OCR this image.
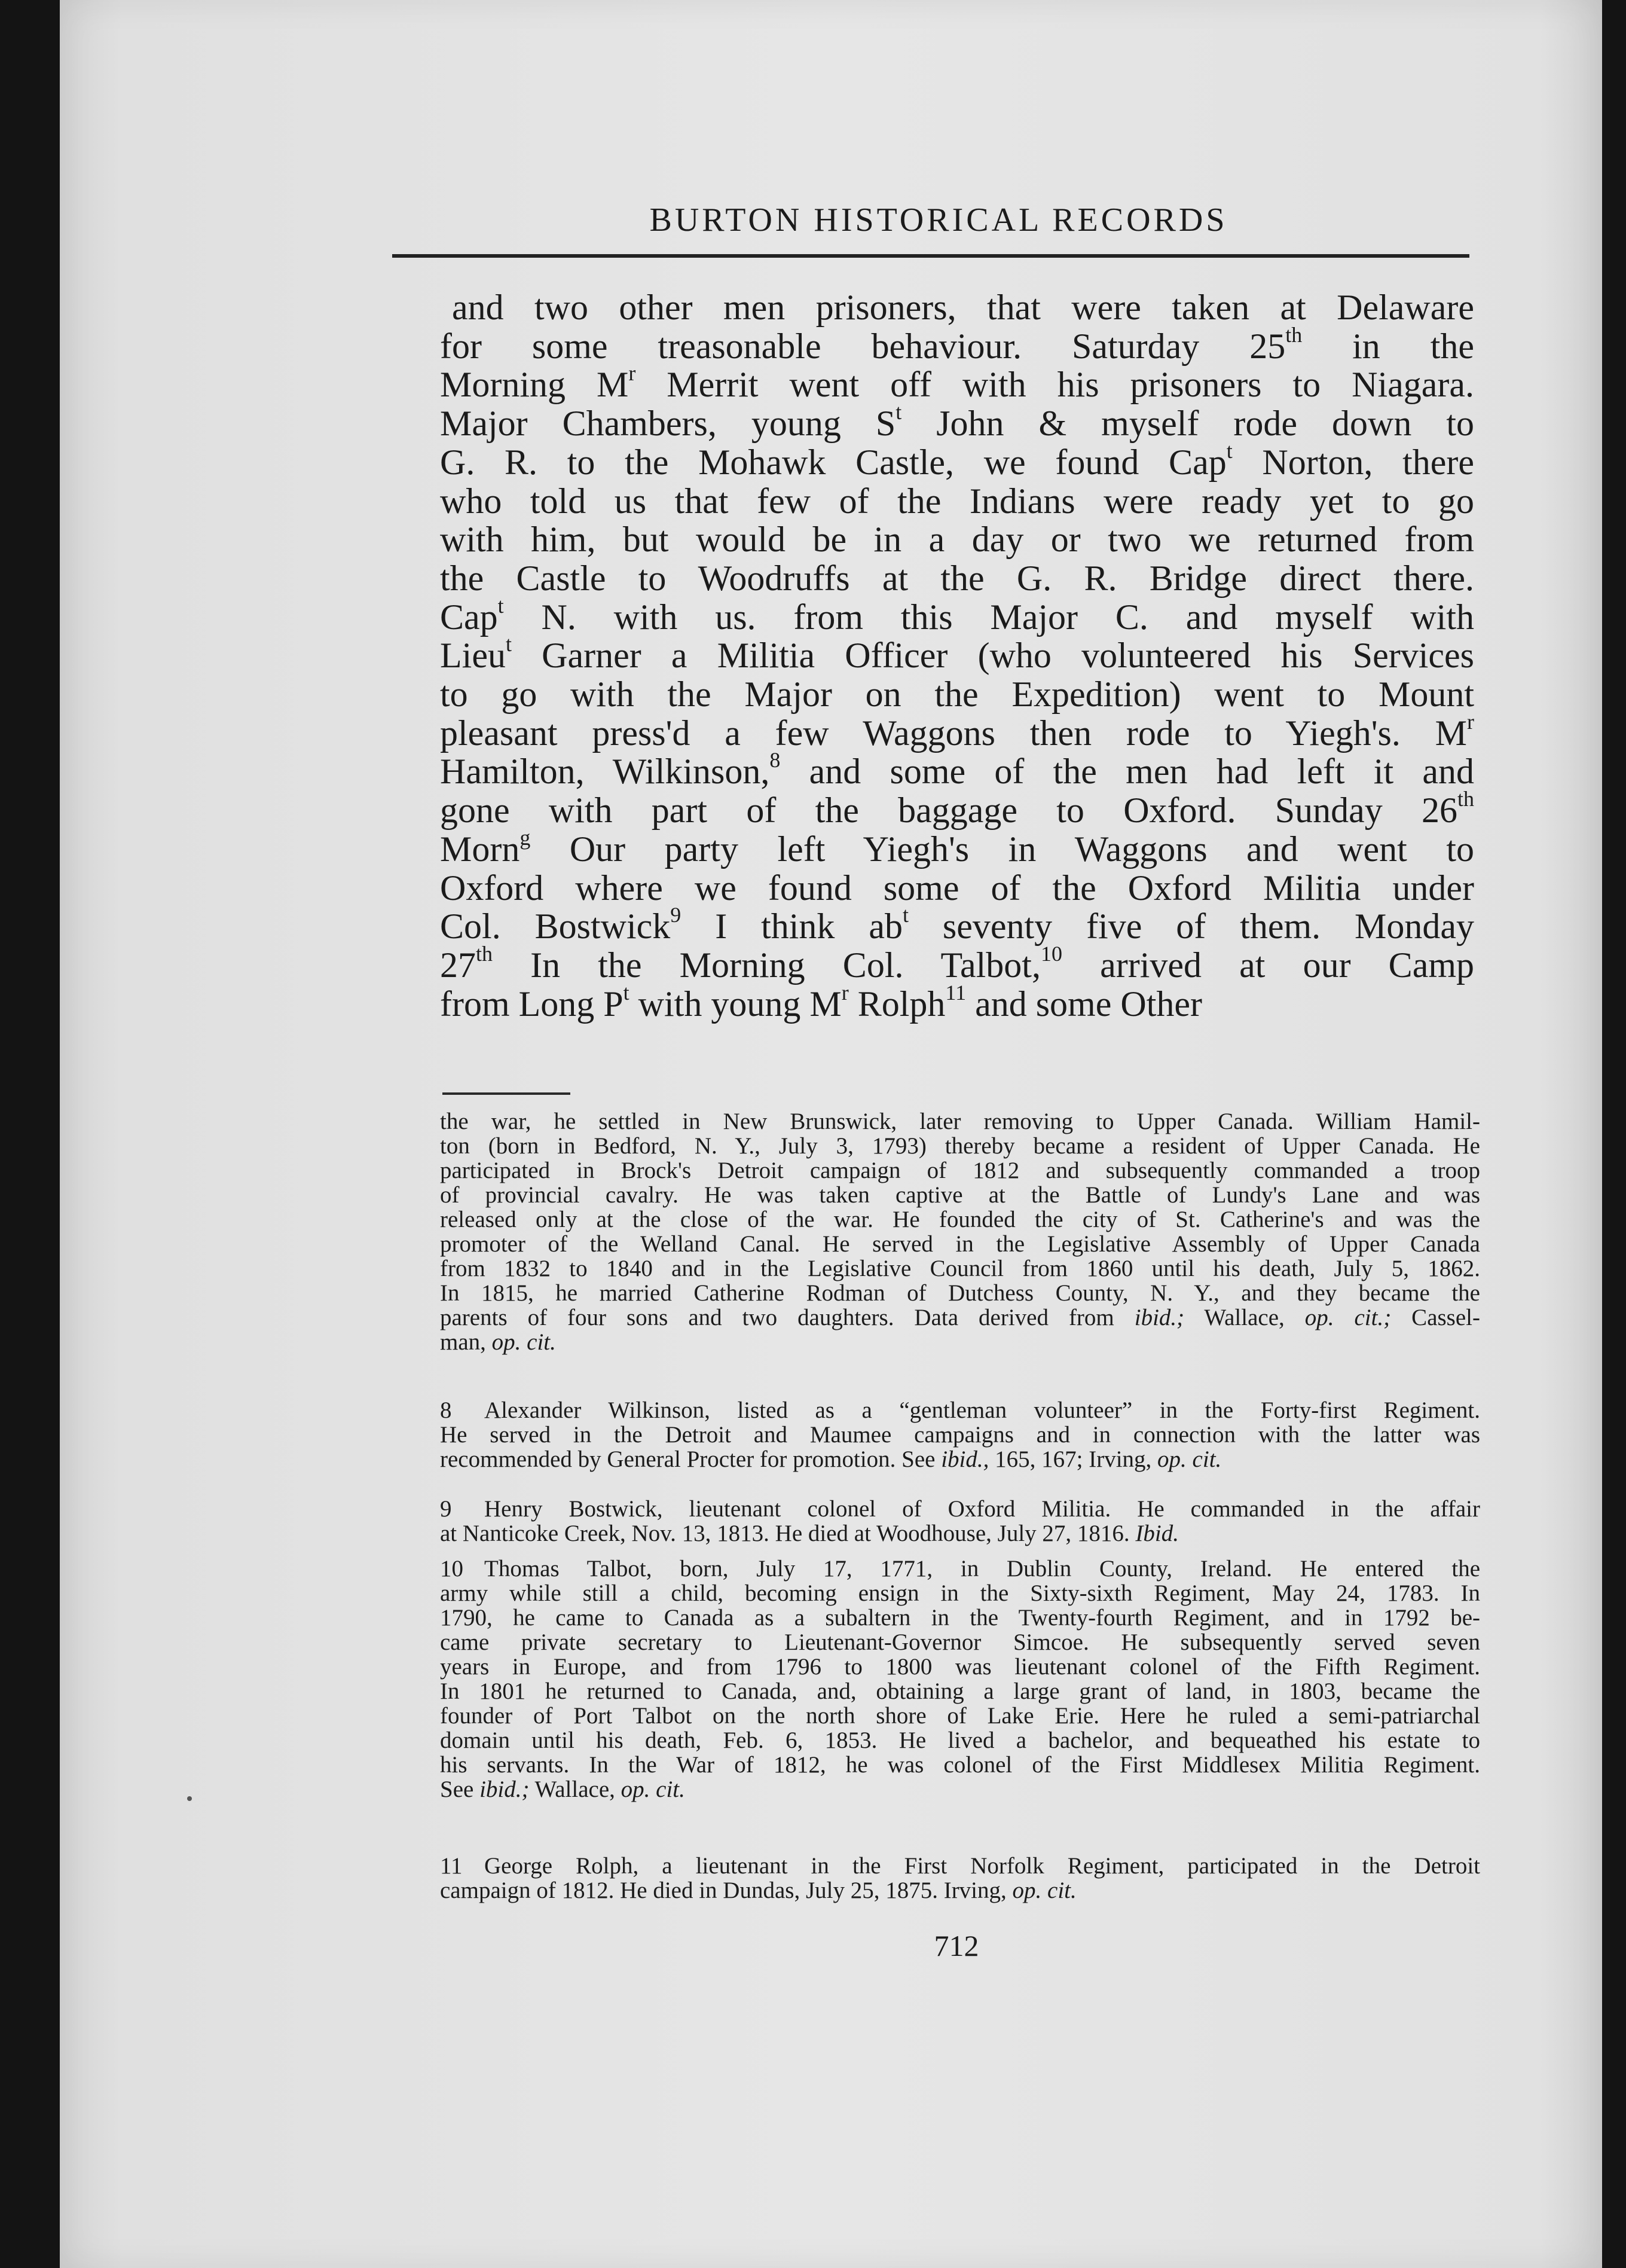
BURTON HISTORICAL RECORDS
and two other men prisoners, that were taken at Delaware
for some treasonable behaviour. Saturday 25th in the
Morning $M^r$ Merrit went off with his prisoners to Niagara.
Major Chambers, young $S^t$ John & myself rode down to
G. R. to the Mohawk Castle, we found Cap$^t$ Norton, there
who told us that few of the Indians were ready yet to go
with him, but would be in a day or two we returned from
the Castle to Woodruffs at the G. R. Bridge direct there.
Cap$^t$ N. with us. from this Major C. and myself with
Lieu$^t$ Garner a Militia Officer (who volunteered his Services
to go with the Major on the Expedition) went to Mount
pleasant press'd a few Waggons then rode to Yiegh's. $M^r$
Hamilton, Wilkinson,$^8$ and some of the men had left it and
gone with part of the baggage to Oxford. Sunday 26th
Morn$^g$ Our party left Yiegh's in Waggons and went to
Oxford where we found some of the Oxford Militia under
Col. Bostwick$^9$ I think $ab^t$ seventy five of them. Monday
27th In the Morning Col. Talbot,$^{10}$ arrived at our Camp
from Long $P^t$ with young $M^r$ Rolph$^{11}$ and some Other
the war, he settled in New Brunswick, later removing to Upper Canada. William Hamil-
ton (born in Bedford, N. Y., July 3, 1793) thereby became a resident of Upper Canada. He
participated in Brock's Detroit campaign of 1812 and subsequently commanded a troop
of provincial cavalry. He was taken captive at the Battle of Lundy's Lane and was
released only at the close of the war. He founded the city of St. Catherine's and was the
promoter of the Welland Canal. He served in the Legislative Assembly of Upper Canada
from 1832 to 1840 and in the Legislative Council from 1860 until his death, July 5, 1862.
In 1815, he married Catherine Rodman of Dutchess County, N. Y., and they became the
parents of four sons and two daughters. Data derived from ibid.; Wallace, op. cit.; Cassel-
man, op. cit.
8 Alexander Wilkinson, listed as a “gentleman volunteer” in the Forty-first Regiment.
He served in the Detroit and Maumee campaigns and in connection with the latter was
recommended by General Procter for promotion. See ibid., 165, 167; Irving, op. cit.
9 Henry Bostwick, lieutenant colonel of Oxford Militia. He commanded in the affair
at Nanticoke Creek, Nov. 13, 1813. He died at Woodhouse, July 27, 1816. Ibid.
10 Thomas Talbot, born, July 17, 1771, in Dublin County, Ireland. He entered the
army while still a child, becoming ensign in the Sixty-sixth Regiment, May 24, 1783. In
1790, he came to Canada as a subaltern in the Twenty-fourth Regiment, and in 1792 be-
came private secretary to Lieutenant-Governor Simcoe. He subsequently served seven
years in Europe, and from 1796 to 1800 was lieutenant colonel of the Fifth Regiment.
In 1801 he returned to Canada, and, obtaining a large grant of land, in 1803, became the
founder of Port Talbot on the north shore of Lake Erie. Here he ruled a semi-patriarchal
domain until his death, Feb. 6, 1853. He lived a bachelor, and bequeathed his estate to
his servants. In the War of 1812, he was colonel of the First Middlesex Militia Regiment.
See ibid.; Wallace, op. cit.
11 George Rolph, a lieutenant in the First Norfolk Regiment, participated in the Detroit
campaign of 1812. He died in Dundas, July 25, 1875. Irving, op. cit.
712
